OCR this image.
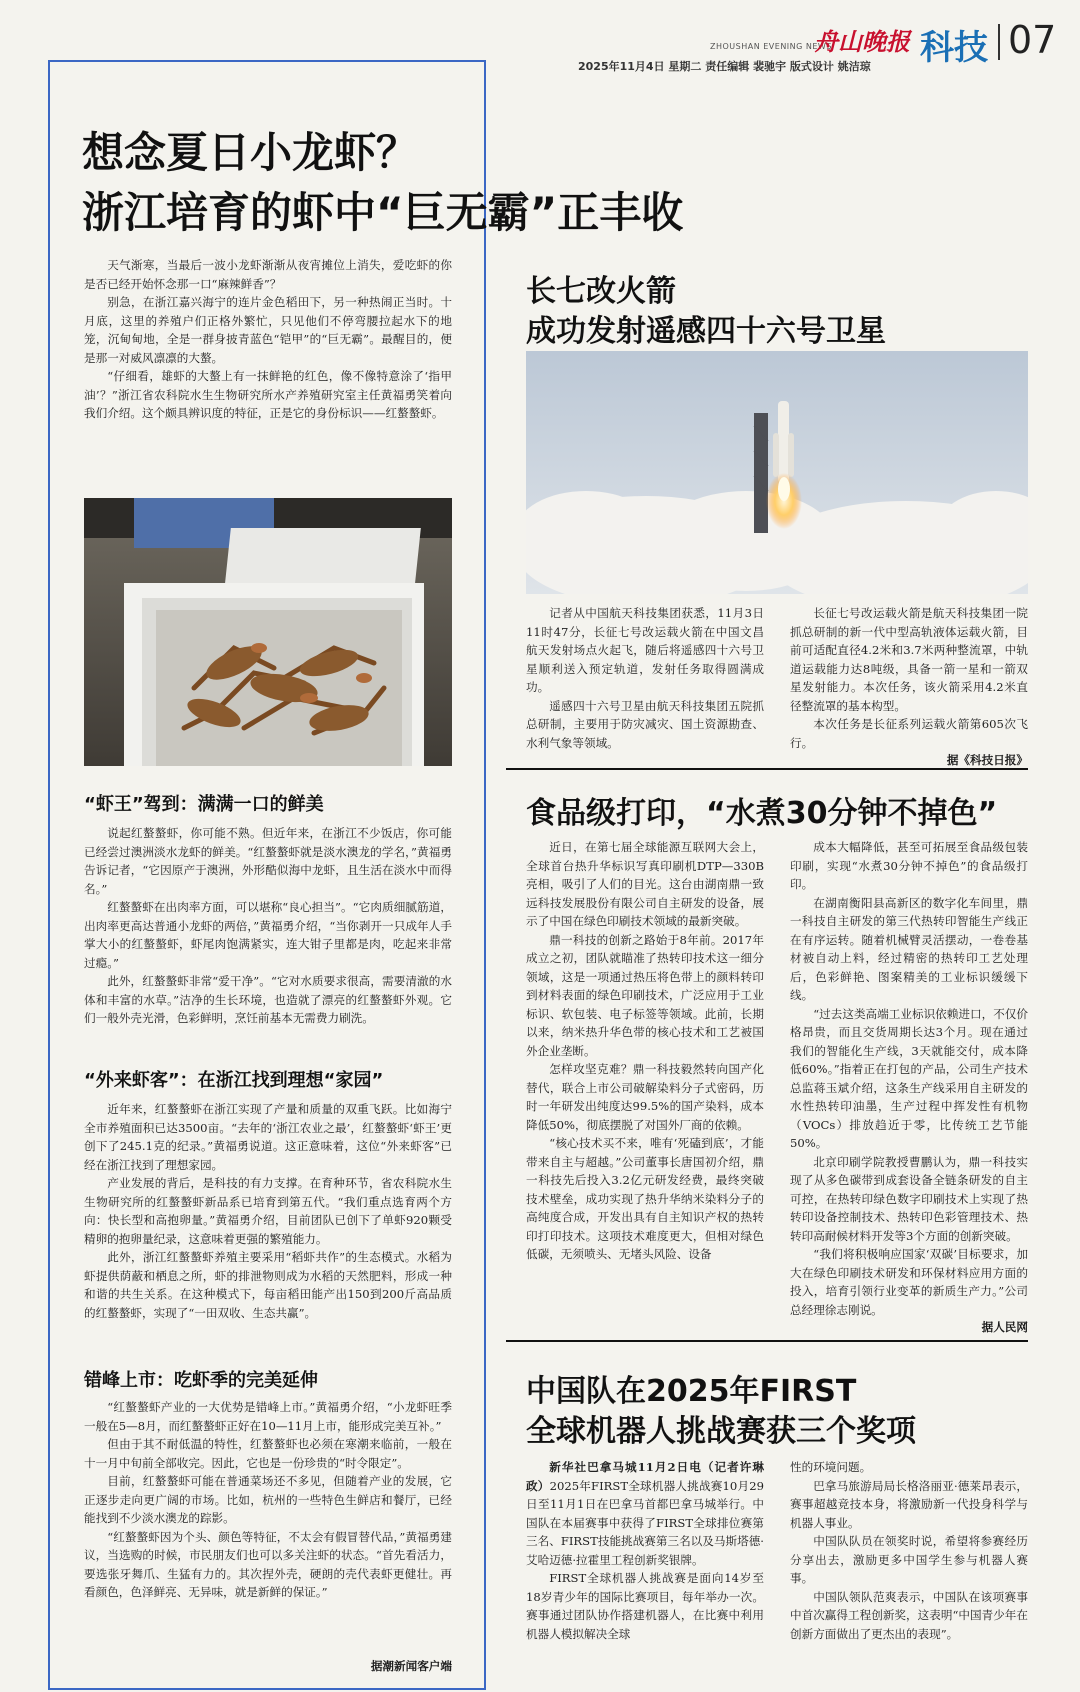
ZHOUSHAN EVENING NEWS
舟山晚报 科技 07
2025年11月4日 星期二 责任编辑 裴驰宇 版式设计 姚洁琼
想念夏日小龙虾？
浙江培育的虾中“巨无霸”正丰收

天气渐寒，当最后一波小龙虾渐渐从夜宵摊位上消失，爱吃虾的你是否已经开始怀念那一口“麻辣鲜香”？

别急，在浙江嘉兴海宁的连片金色稻田下，另一种热闹正当时。十月底，这里的养殖户们正格外繁忙，只见他们不停弯腰拉起水下的地笼，沉甸甸地，全是一群身披青蓝色“铠甲”的“巨无霸”。最醒目的，便是那一对威风凛凛的大螯。

“仔细看，雄虾的大螯上有一抹鲜艳的红色，像不像特意涂了‘指甲油’？”浙江省农科院水生生物研究所水产养殖研究室主任黄福勇笑着向我们介绍。这个颇具辨识度的特征，正是它的身份标识——红螯螯虾。

“虾王”驾到：满满一口的鲜美

说起红螯螯虾，你可能不熟。但近年来，在浙江不少饭店，你可能已经尝过澳洲淡水龙虾的鲜美。“红螯螯虾就是淡水澳龙的学名，”黄福勇告诉记者，“它因原产于澳洲，外形酷似海中龙虾，且生活在淡水中而得名。”

红螯螯虾在出肉率方面，可以堪称“良心担当”。“它肉质细腻筋道，出肉率更高达普通小龙虾的两倍，”黄福勇介绍，“当你剥开一只成年人手掌大小的红螯螯虾，虾尾肉饱满紧实，连大钳子里都是肉，吃起来非常过瘾。”

此外，红螯螯虾非常“爱干净”。“它对水质要求很高，需要清澈的水体和丰富的水草。”洁净的生长环境，也造就了漂亮的红螯螯虾外观。它们一般外壳光滑，色彩鲜明，烹饪前基本无需费力刷洗。

“外来虾客”：在浙江找到理想“家园”

近年来，红螯螯虾在浙江实现了产量和质量的双重飞跃。比如海宁全市养殖面积已达3500亩。“去年的‘浙江农业之最’，红螯螯虾‘虾王’更创下了245.1克的纪录。”黄福勇说道。这正意味着，这位“外来虾客”已经在浙江找到了理想家园。

产业发展的背后，是科技的有力支撑。在育种环节，省农科院水生生物研究所的红螯螯虾新品系已培育到第五代。“我们重点选育两个方向：快长型和高抱卵量。”黄福勇介绍，目前团队已创下了单虾920颗受精卵的抱卵量纪录，这意味着更强的繁殖能力。

此外，浙江红螯螯虾养殖主要采用“稻虾共作”的生态模式。水稻为虾提供荫蔽和栖息之所，虾的排泄物则成为水稻的天然肥料，形成一种和谐的共生关系。在这种模式下，每亩稻田能产出150到200斤高品质的红螯螯虾，实现了“一田双收、生态共赢”。

错峰上市：吃虾季的完美延伸

“红螯螯虾产业的一大优势是错峰上市。”黄福勇介绍，“小龙虾旺季一般在5—8月，而红螯螯虾正好在10—11月上市，能形成完美互补。”

但由于其不耐低温的特性，红螯螯虾也必须在寒潮来临前，一般在十一月中旬前全部收完。因此，它也是一份珍贵的“时令限定”。

目前，红螯螯虾可能在普通菜场还不多见，但随着产业的发展，它正逐步走向更广阔的市场。比如，杭州的一些特色生鲜店和餐厅，已经能找到不少淡水澳龙的踪影。

“红螯螯虾因为个头、颜色等特征，不太会有假冒替代品，”黄福勇建议，当选购的时候，市民朋友们也可以多关注虾的状态。“首先看活力，要选张牙舞爪、生猛有力的。其次捏外壳，硬朗的壳代表虾更健壮。再看颜色，色泽鲜亮、无异味，就是新鲜的保证。”

据潮新闻客户端
长七改火箭
成功发射遥感四十六号卫星

记者从中国航天科技集团获悉，11月3日11时47分，长征七号改运载火箭在中国文昌航天发射场点火起飞，随后将遥感四十六号卫星顺利送入预定轨道，发射任务取得圆满成功。

遥感四十六号卫星由航天科技集团五院抓总研制，主要用于防灾减灾、国土资源勘查、水利气象等领域。

长征七号改运载火箭是航天科技集团一院抓总研制的新一代中型高轨液体运载火箭，目前可适配直径4.2米和3.7米两种整流罩，中轨道运载能力达8吨级，具备一箭一星和一箭双星发射能力。本次任务，该火箭采用4.2米直径整流罩的基本构型。

本次任务是长征系列运载火箭第605次飞行。

据《科技日报》
食品级打印，“水煮30分钟不掉色”

近日，在第七届全球能源互联网大会上，全球首台热升华标识写真印刷机DTP—330B亮相，吸引了人们的目光。这台由湖南鼎一致远科技发展股份有限公司自主研发的设备，展示了中国在绿色印刷技术领域的最新突破。

鼎一科技的创新之路始于8年前。2017年成立之初，团队就瞄准了热转印技术这一细分领域，这是一项通过热压将色带上的颜料转印到材料表面的绿色印刷技术，广泛应用于工业标识、软包装、电子标签等领域。此前，长期以来，纳米热升华色带的核心技术和工艺被国外企业垄断。

怎样攻坚克难？鼎一科技毅然转向国产化替代，联合上市公司破解染料分子式密码，历时一年研发出纯度达99.5%的国产染料，成本降低50%，彻底摆脱了对国外厂商的依赖。

“核心技术买不来，唯有‘死磕到底’，才能带来自主与超越。”公司董事长唐国初介绍，鼎一科技先后投入3.2亿元研发经费，最终突破技术壁垒，成功实现了热升华纳米染料分子的高纯度合成，开发出具有自主知识产权的热转印打印技术。这项技术难度更大，但相对绿色低碳，无须喷头、无堵头风险、设备

成本大幅降低，甚至可拓展至食品级包装印刷，实现“水煮30分钟不掉色”的食品级打印。

在湖南衡阳县高新区的数字化车间里，鼎一科技自主研发的第三代热转印智能生产线正在有序运转。随着机械臂灵活摆动，一卷卷基材被自动上料，经过精密的热转印工艺处理后，色彩鲜艳、图案精美的工业标识缓缓下线。

“过去这类高端工业标识依赖进口，不仅价格昂贵，而且交货周期长达3个月。现在通过我们的智能化生产线，3天就能交付，成本降低60%。”指着正在打包的产品，公司生产技术总监蒋玉斌介绍，这条生产线采用自主研发的水性热转印油墨，生产过程中挥发性有机物（VOCs）排放趋近于零，比传统工艺节能50%。

北京印刷学院教授曹鹏认为，鼎一科技实现了从多色碳带到成套设备全链条研发的自主可控，在热转印绿色数字印刷技术上实现了热转印设备控制技术、热转印色彩管理技术、热转印高耐候材料开发等3个方面的创新突破。

“我们将积极响应国家‘双碳’目标要求，加大在绿色印刷技术研发和环保材料应用方面的投入，培育引领行业变革的新质生产力。”公司总经理徐志刚说。

据人民网
中国队在2025年FIRST
全球机器人挑战赛获三个奖项

新华社巴拿马城11月2日电（记者许琳政）2025年FIRST全球机器人挑战赛10月29日至11月1日在巴拿马首都巴拿马城举行。中国队在本届赛事中获得了FIRST全球排位赛第三名、FIRST技能挑战赛第三名以及马斯塔德·艾哈迈德·拉霍里工程创新奖银牌。

FIRST全球机器人挑战赛是面向14岁至18岁青少年的国际比赛项目，每年举办一次。赛事通过团队协作搭建机器人，在比赛中利用机器人模拟解决全球

性的环境问题。

巴拿马旅游局局长格洛丽亚·德莱昂表示，赛事超越竞技本身，将激励新一代投身科学与机器人事业。

中国队队员在领奖时说，希望将参赛经历分享出去，激励更多中国学生参与机器人赛事。

中国队领队范爽表示，中国队在该项赛事中首次赢得工程创新奖，这表明“中国青少年在创新方面做出了更杰出的表现”。
